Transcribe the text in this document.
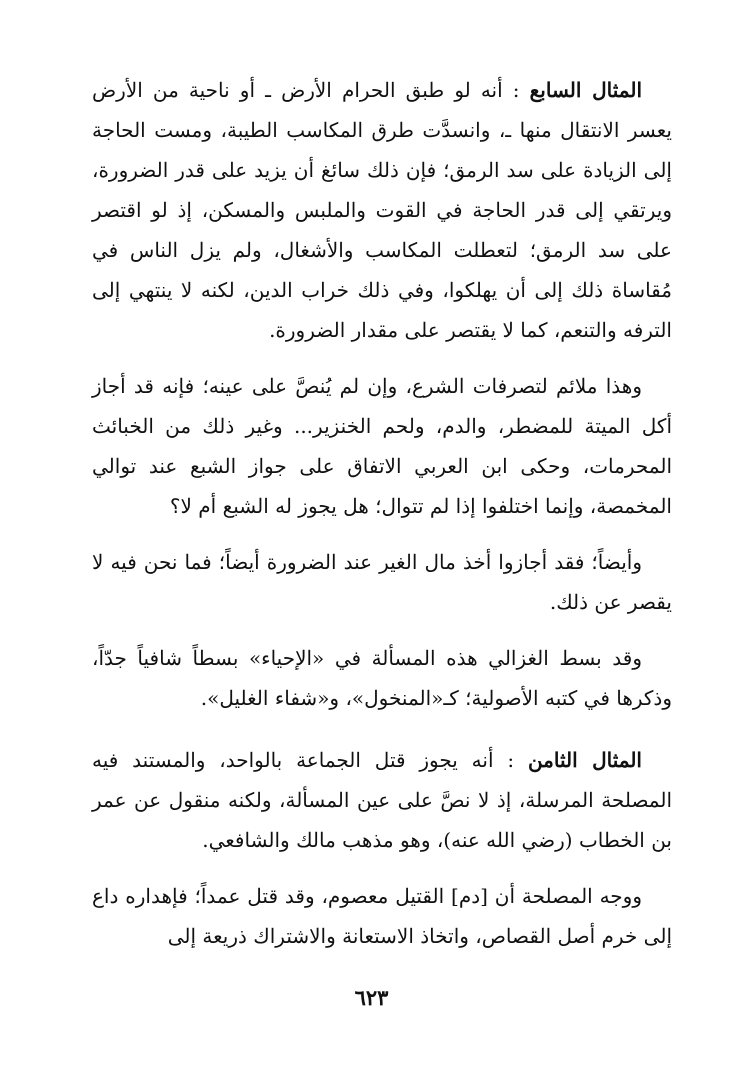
المثال السابع : أنه لو طبق الحرام الأرض ـ أو ناحية من الأرض يعسر الانتقال منها ـ، وانسدَّت طرق المكاسب الطيبة، ومست الحاجة إلى الزيادة على سد الرمق؛ فإن ذلك سائغ أن يزيد على قدر الضرورة، ويرتقي إلى قدر الحاجة في القوت والملبس والمسكن، إذ لو اقتصر على سد الرمق؛ لتعطلت المكاسب والأشغال، ولم يزل الناس في مُقاساة ذلك إلى أن يهلكوا، وفي ذلك خراب الدين، لكنه لا ينتهي إلى الترفه والتنعم، كما لا يقتصر على مقدار الضرورة.

وهذا ملائم لتصرفات الشرع، وإن لم يُنصَّ على عينه؛ فإنه قد أجاز أكل الميتة للمضطر، والدم، ولحم الخنزير... وغير ذلك من الخبائث المحرمات، وحكى ابن العربي الاتفاق على جواز الشبع عند توالي المخمصة، وإنما اختلفوا إذا لم تتوال؛ هل يجوز له الشبع أم لا؟

وأيضاً؛ فقد أجازوا أخذ مال الغير عند الضرورة أيضاً؛ فما نحن فيه لا يقصر عن ذلك.

وقد بسط الغزالي هذه المسألة في «الإحياء» بسطاً شافياً جدّاً، وذكرها في كتبه الأصولية؛ كـ«المنخول»، و«شفاء الغليل».

المثال الثامن : أنه يجوز قتل الجماعة بالواحد، والمستند فيه المصلحة المرسلة، إذ لا نصَّ على عين المسألة، ولكنه منقول عن عمر بن الخطاب (رضي الله عنه)، وهو مذهب مالك والشافعي.

ووجه المصلحة أن [دم] القتيل معصوم، وقد قتل عمداً؛ فإهداره داع إلى خرم أصل القصاص، واتخاذ الاستعانة والاشتراك ذريعة إلى

٦٢٣
